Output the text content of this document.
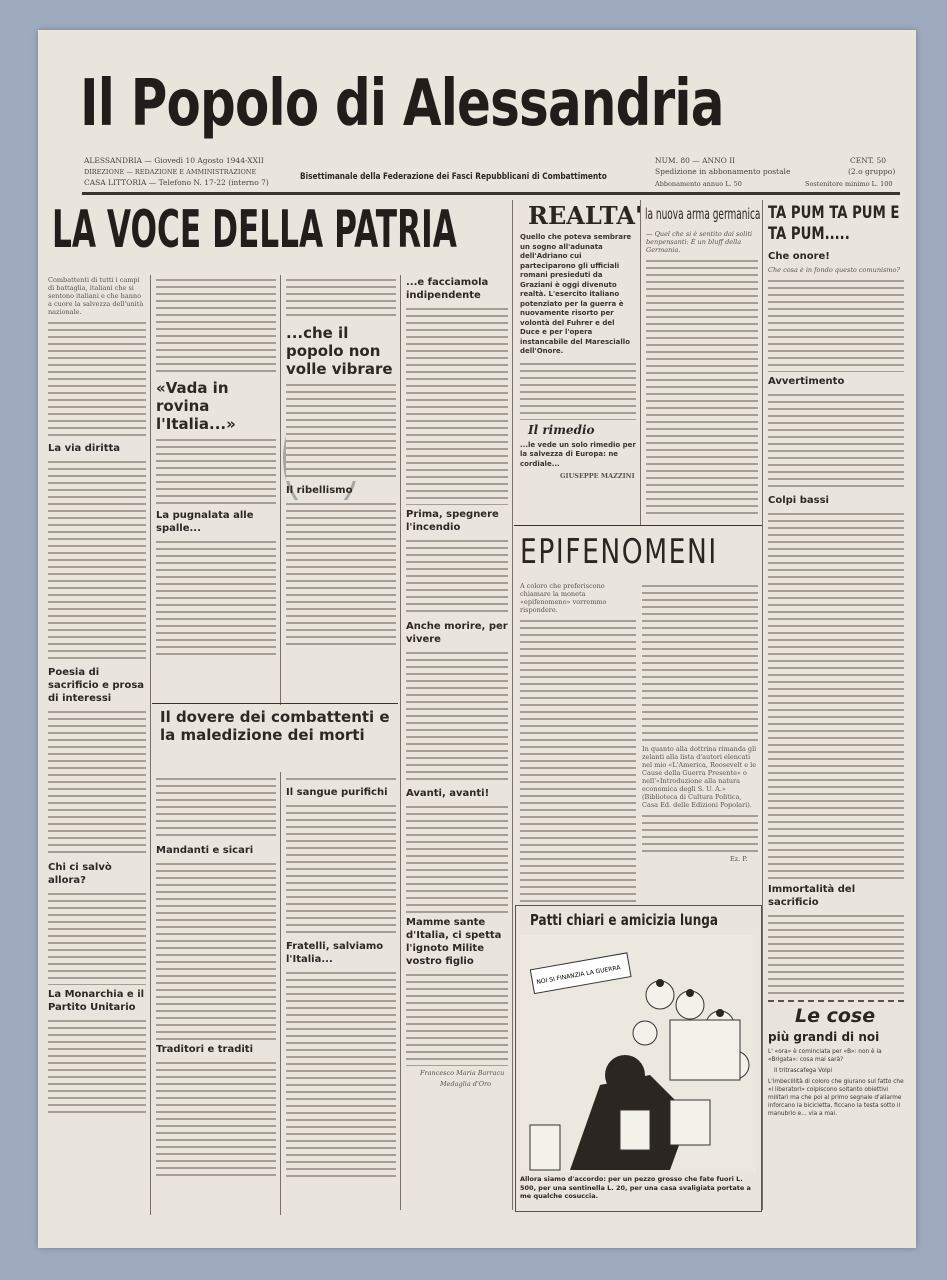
Il Popolo di Alessandria
ALESSANDRIA — Giovedì 10 Agosto 1944-XXII
DIREZIONE — REDAZIONE E AMMINISTRAZIONE
CASA LITTORIA — Telefono N. 17-22 (interno 7)
Bisettimanale della Federazione dei Fasci Repubblicani di Combattimento
NUM. 80 — ANNO II	CENT. 50
Spedizione in abbonamento postale	(2.o gruppo)
Abbonamento annuo L. 50	Sostenitore minimo L. 100
LA VOCE DELLA PATRIA
Combattenti di tutti i campi di battaglia, italiani che si sentono italiani e che hanno a cuore la salvezza dell'unità nazionale.
La via diritta
Poesia di sacrificio e prosa di interessi
Chi ci salvò allora?
La Monarchia e il Partito Unitario
«Vada in rovina l'Italia...»
La pugnalata alle spalle...
...che il popolo non volle vibrare
Il ribellismo
Il dovere dei combattenti e la maledizione dei morti
Mandanti e sicari
Traditori e traditi
Il sangue purifichi
Fratelli, salviamo l'Italia...
...e facciamola indipendente
Prima, spegnere l'incendio
Anche morire, per vivere
Avanti, avanti!
Mamme sante d'Italia, ci spetta l'ignoto Milite vostro figlio
Francesco Maria Barracu
Medaglia d'Oro
REALTA'
Quello che poteva sembrare un sogno all'adunata dell'Adriano cui parteciparono gli ufficiali romani presieduti da Graziani è oggi divenuto realtà. L'esercito italiano potenziato per la guerra è nuovamente risorto per volontà del Fuhrer e del Duce e per l'opera instancabile del Maresciallo dell'Onore.
Il rimedio
...le vede un solo rimedio per la salvezza di Europa: ne cordiale...
GIUSEPPE MAZZINI
la nuova arma germanica
— Quel che si è sentito dai soliti benpensanti: È un bluff della Germania.
EPIFENOMENI
A coloro che preferiscono chiamare la moneta «epifenomeno» vorremmo rispondere.
In quanto alla dottrina rimanda gli zelanti alla lista d'autori elencati nel mio «L'America, Roosevelt e le Cause della Guerra Presente» o nell'«Introduzione alla natura economica degli S. U. A.» (Biblioteca di Cultura Politica, Casa Ed. delle Edizioni Popolari).
Ez. P.
Patti chiari e amicizia lunga
NOI SI FINANZIA LA GUERRA
Allora siamo d'accordo: per un pezzo grosso che fate fuori L. 500, per una sentinella L. 20, per una casa svaligiata portate a me qualche cosuccia.
TA PUM TA PUM E TA PUM.....
Che onore!
Che cosa è in fondo questo comunismo?
Avvertimento
Colpi bassi
Immortalità del sacrificio
Le cose
più grandi di noi
L' «ora» è cominciata per «B»: non è la «Brigata»: cosa mai sarà?
Il tritrascafega Volpi
L'imbecillità di coloro che giurano sul fatto che «i liberatori» colpiscono soltanto obiettivi militari ma che poi al primo segnale d'allarme inforcano la bicicletta, ficcano la testa sotto il manubrio e... via a mai.
